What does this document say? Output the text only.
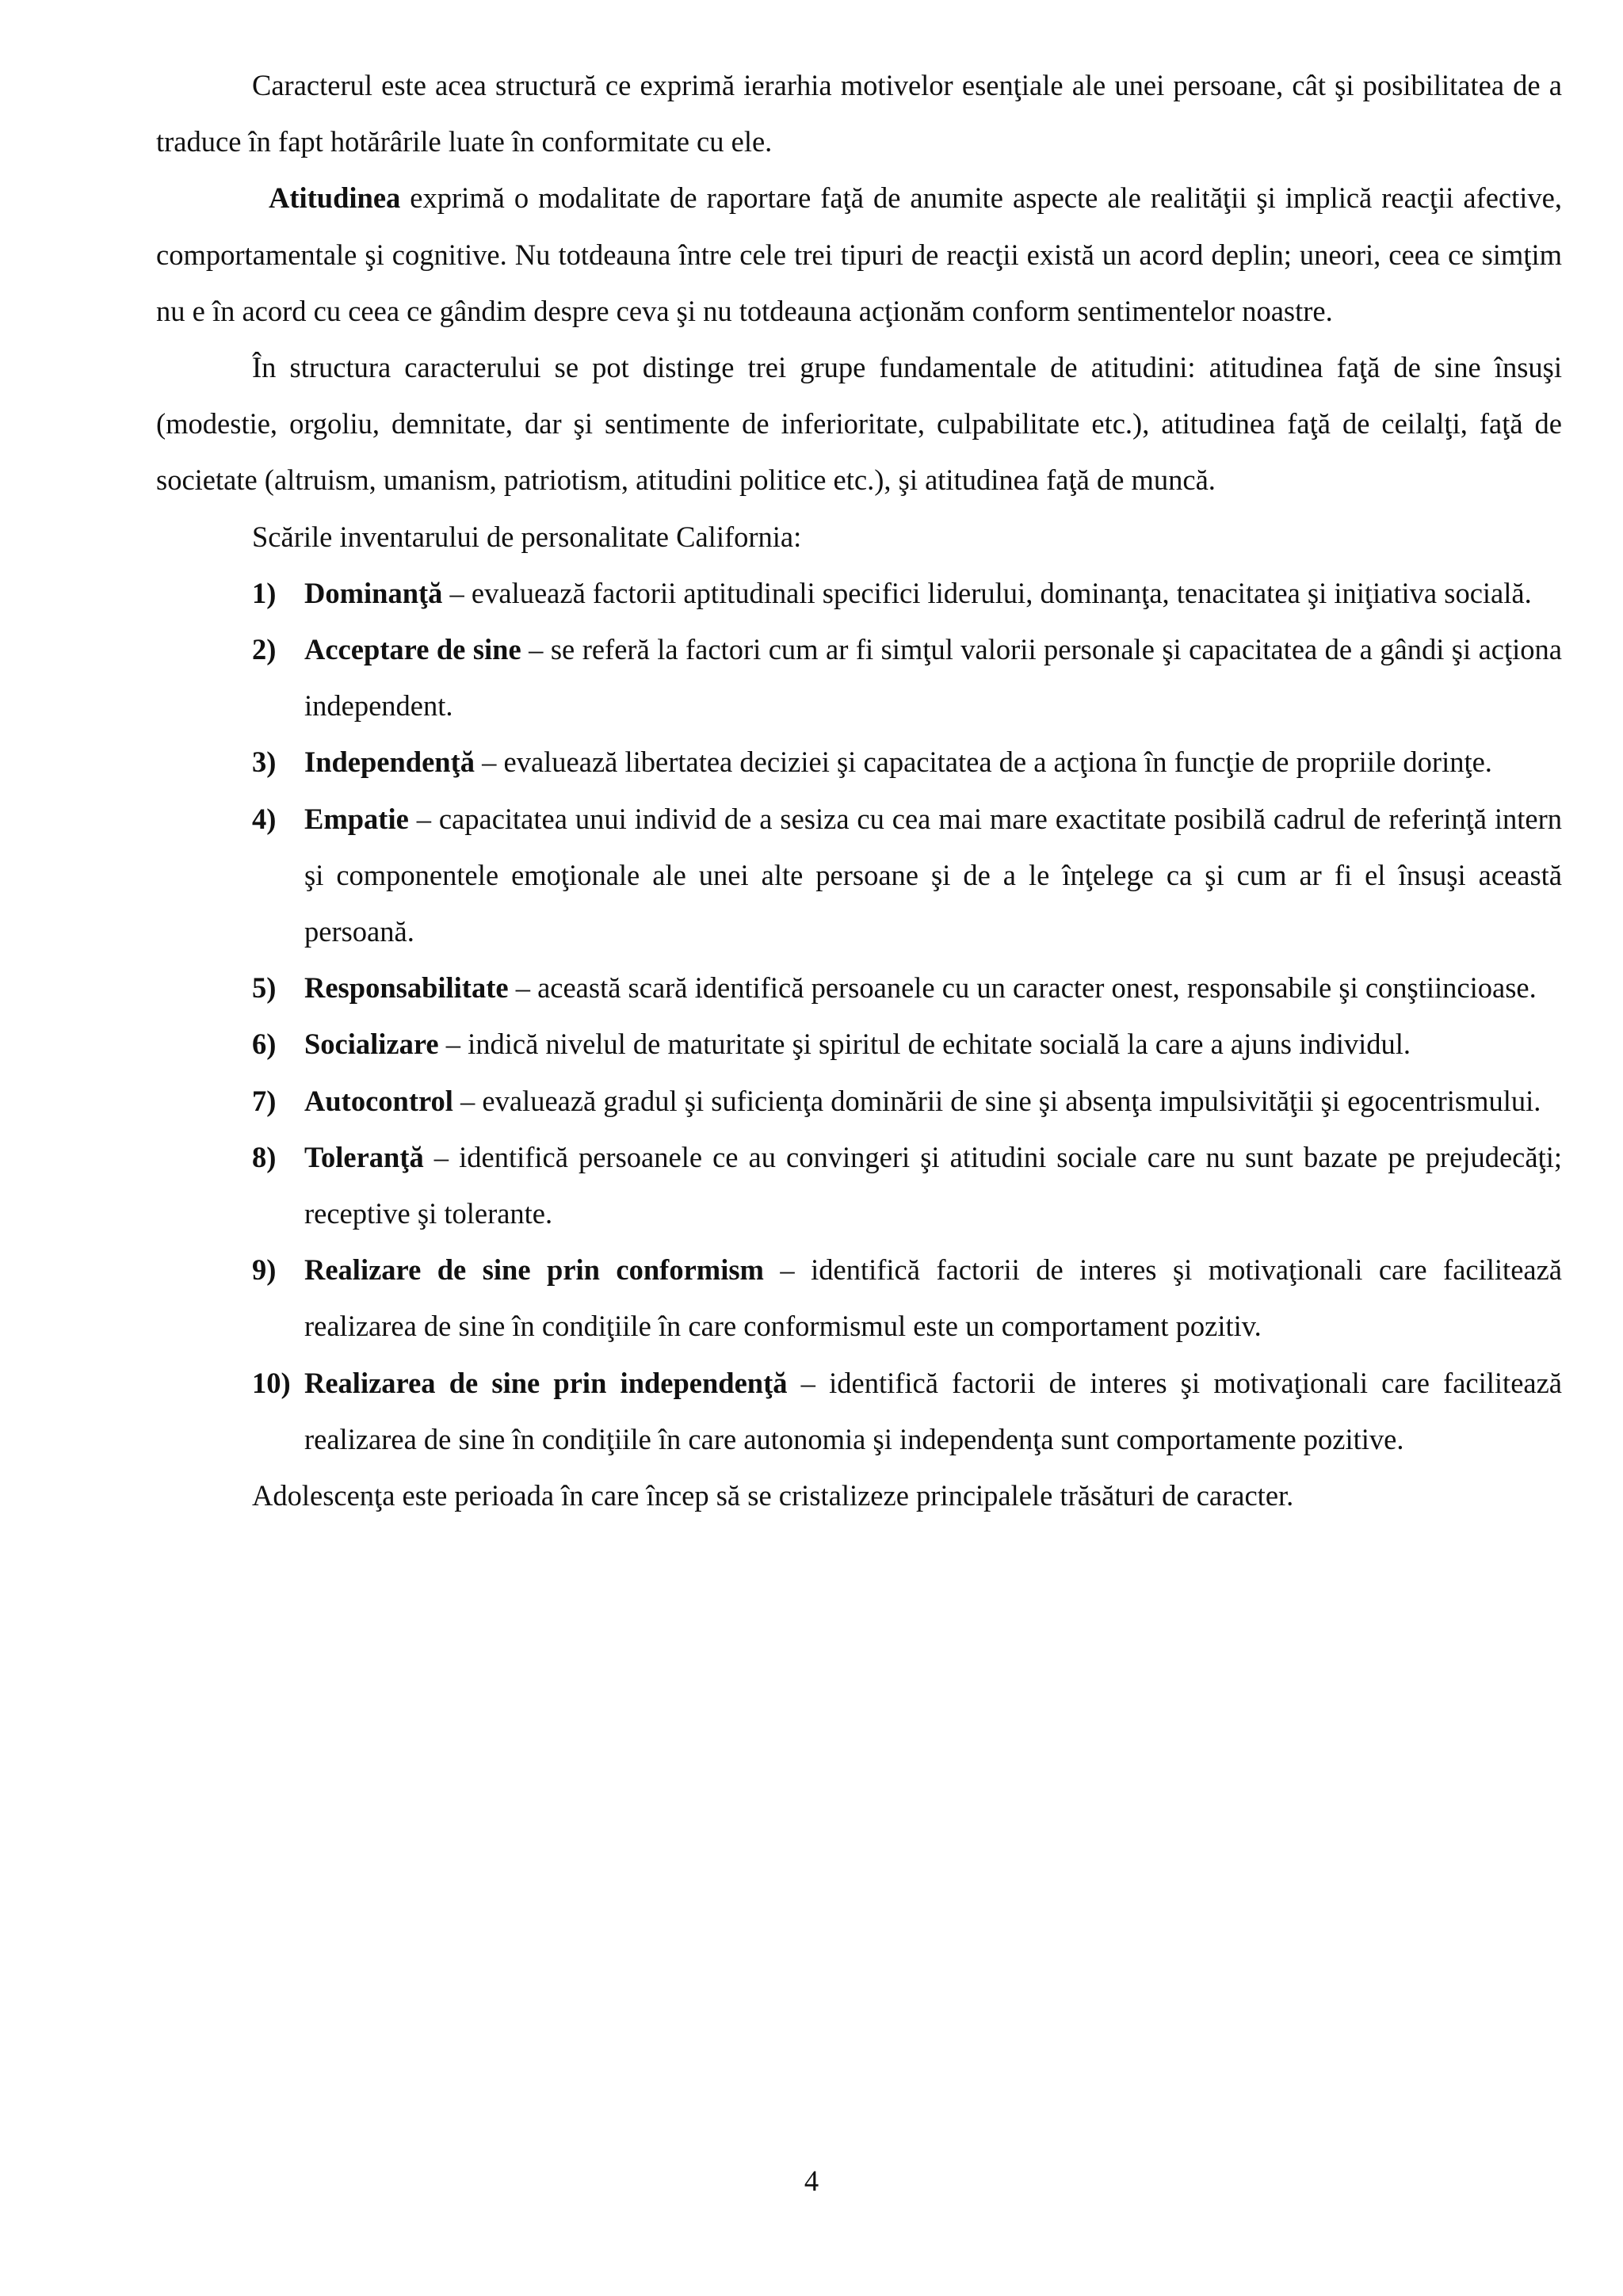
Caracterul este acea structură ce exprimă ierarhia motivelor esenţiale ale unei persoane, cât şi posibilitatea de a traduce în fapt hotărârile luate în conformitate cu ele.

Atitudinea exprimă o modalitate de raportare faţă de anumite aspecte ale realităţii şi implică reacţii afective, comportamentale şi cognitive. Nu totdeauna între cele trei tipuri de reacţii există un acord deplin; uneori, ceea ce simţim nu e în acord cu ceea ce gândim despre ceva şi nu totdeauna acţionăm conform sentimentelor noastre.

În structura caracterului se pot distinge trei grupe fundamentale de atitudini: atitudinea faţă de sine însuşi (modestie, orgoliu, demnitate, dar şi sentimente de inferioritate, culpabilitate etc.), atitudinea faţă de ceilalţi, faţă de societate (altruism, umanism, patriotism, atitudini politice etc.), şi atitudinea faţă de muncă.

Scările inventarului de personalitate California:

1) Dominanţă – evaluează factorii aptitudinali specifici liderului, dominanţa, tenacitatea şi iniţiativa socială.
2) Acceptare de sine – se referă la factori cum ar fi simţul valorii personale şi capacitatea de a gândi şi acţiona independent.
3) Independenţă – evaluează libertatea deciziei şi capacitatea de a acţiona în funcţie de propriile dorinţe.
4) Empatie – capacitatea unui individ de a sesiza cu cea mai mare exactitate posibilă cadrul de referinţă intern şi componentele emoţionale ale unei alte persoane şi de a le înţelege ca şi cum ar fi el însuşi această persoană.
5) Responsabilitate – această scară identifică persoanele cu un caracter onest, responsabile şi conştiincioase.
6) Socializare – indică nivelul de maturitate şi spiritul de echitate socială la care a ajuns individul.
7) Autocontrol – evaluează gradul şi suficienţa dominării de sine şi absenţa impulsivităţii şi egocentrismului.
8) Toleranţă – identifică persoanele ce au convingeri şi atitudini sociale care nu sunt bazate pe prejudecăţi; receptive şi tolerante.
9) Realizare de sine prin conformism – identifică factorii de interes şi motivaţionali care facilitează realizarea de sine în condiţiile în care conformismul este un comportament pozitiv.
10) Realizarea de sine prin independenţă – identifică factorii de interes şi motivaţionali care facilitează realizarea de sine în condiţiile în care autonomia şi independenţa sunt comportamente pozitive.

Adolescenţa este perioada în care încep să se cristalizeze principalele trăsături de caracter.

4
